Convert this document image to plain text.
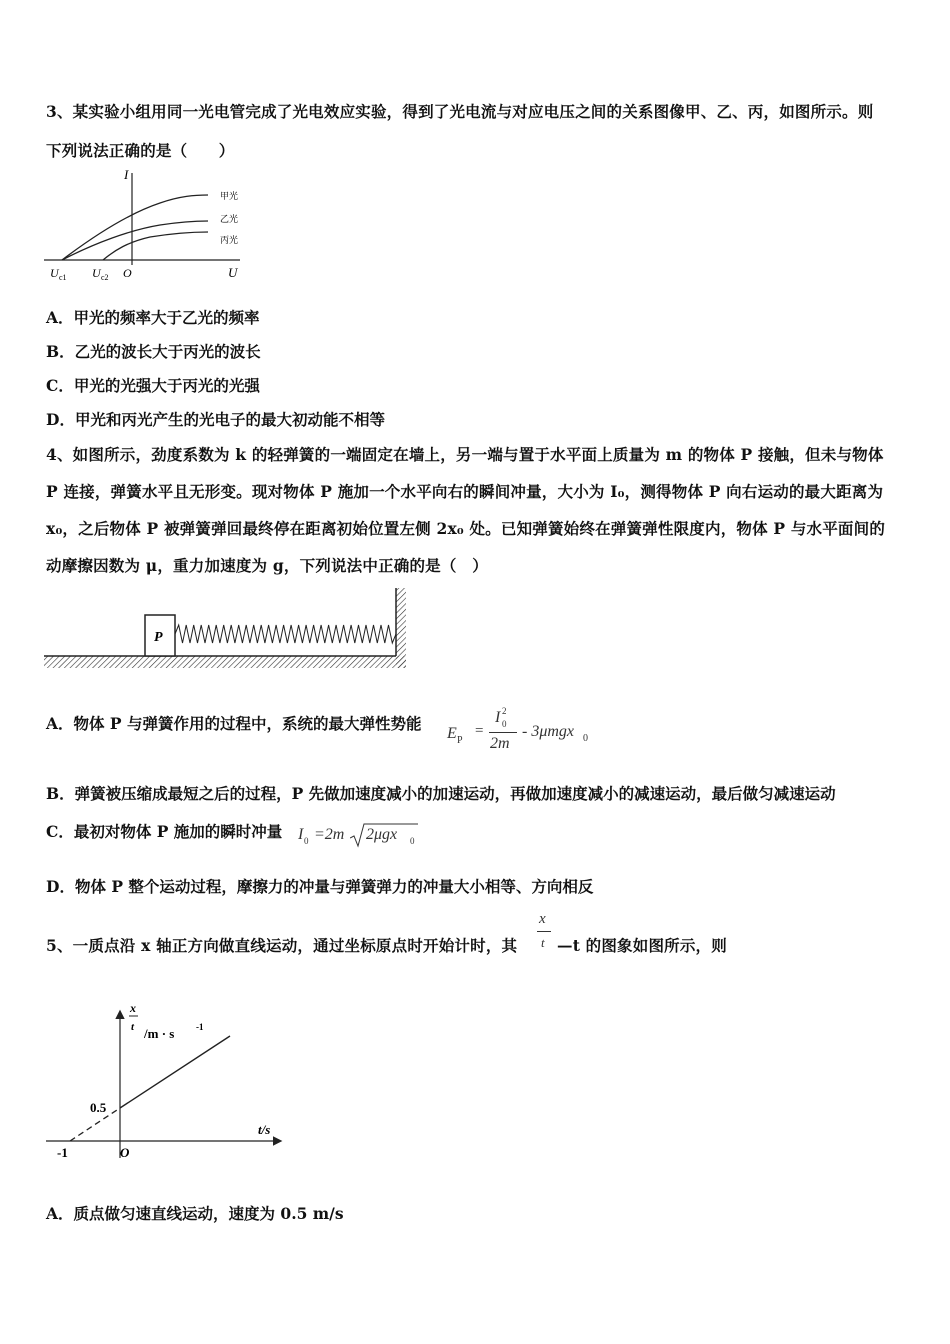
3、某实验小组用同一光电管完成了光电效应实验，得到了光电流与对应电压之间的关系图像甲、乙、丙，如图所示。则
下列说法正确的是（　　）
I
U
O
U c1 U c2
甲光
乙光
丙光
A．甲光的频率大于乙光的频率
B．乙光的波长大于丙光的波长
C．甲光的光强大于丙光的光强
D．甲光和丙光产生的光电子的最大初动能不相等
4、如图所示，劲度系数为 k 的轻弹簧的一端固定在墙上，另一端与置于水平面上质量为 m 的物体 P 接触，但未与物体
P 连接，弹簧水平且无形变。现对物体 P 施加一个水平向右的瞬间冲量，大小为 I₀，测得物体 P 向右运动的最大距离为
x₀，之后物体 P 被弹簧弹回最终停在距离初始位置左侧 2x₀ 处。已知弹簧始终在弹簧弹性限度内，物体 P 与水平面间的
动摩擦因数为 μ，重力加速度为 g，下列说法中正确的是（　）
P
A．物体 P 与弹簧作用的过程中，系统的最大弹性势能
E P
=
I 2
0
2m
- 3μmgx 0
B．弹簧被压缩成最短之后的过程，P 先做加速度减小的加速运动，再做加速度减小的减速运动，最后做匀减速运动
C．最初对物体 P 施加的瞬时冲量 I 0 =2m 2μgx 0
D．物体 P 整个运动过程，摩擦力的冲量与弹簧弹力的冲量大小相等、方向相反
5、一质点沿 x 轴正方向做直线运动，通过坐标原点时开始计时，其
x
t —t 的图象如图所示，则
x
t /m · s -1
t/s
O
0.5
-1
A．质点做匀速直线运动，速度为 0.5 m/s
